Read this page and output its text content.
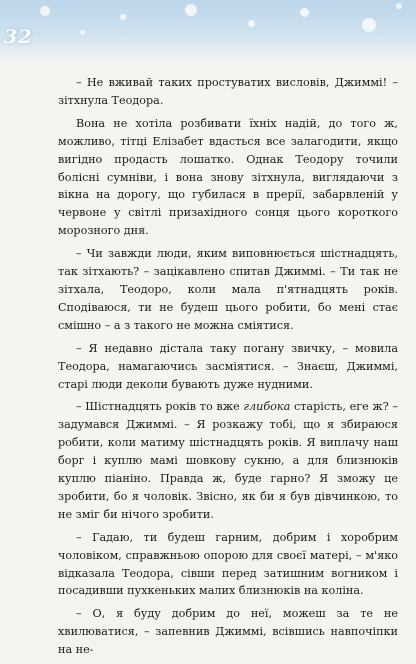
32

– Не вживай таких простуватих висловів, Джиммі! – зітхнула Теодора.

Вона не хотіла розбивати їхніх надій, до того ж, можливо, тітці Елізабет вдасться все залагодити, якщо вигідно продасть лошатко. Однак Теодору точили болісні сумніви, і вона знову зітхнула, виглядаючи з вікна на дорогу, що губилася в прерії, забарвленій у червоне у світлі призахідного сонця цього короткого морозного дня.

– Чи завжди люди, яким виповнюється шістнадцять, так зітхають? – зацікавлено спитав Джиммі. – Ти так не зітхала, Теодоро, коли мала п'ятнадцять років. Сподіваюся, ти не будеш цього робити, бо мені стає смішно – а з такого не можна сміятися.

– Я недавно дістала таку погану звичку, – мовила Теодора, намагаючись засміятися. – Знаєш, Джиммі, старі люди деколи бувають дуже нудними.

– Шістнадцять років то вже глибока старість, еге ж? – задумався Джиммі. – Я розкажу тобі, що я збираюся робити, коли матиму шістнадцять років. Я виплачу наш борг і куплю мамі шовкову сукню, а для близнюків куплю піаніно. Правда ж, буде гарно? Я зможу це зробити, бо я чоловік. Звісно, як би я був дівчинкою, то не зміг би нічого зробити.

– Гадаю, ти будеш гарним, добрим і хоробрим чоловіком, справжньою опорою для своєї матері, – м'яко відказала Теодора, сівши перед затишним вогником і посадивши пухкеньких малих близнюків на коліна.

– О, я буду добрим до неї, можеш за те не хвилюватися, – запевнив Джиммі, всівшись навпочіпки на не-
